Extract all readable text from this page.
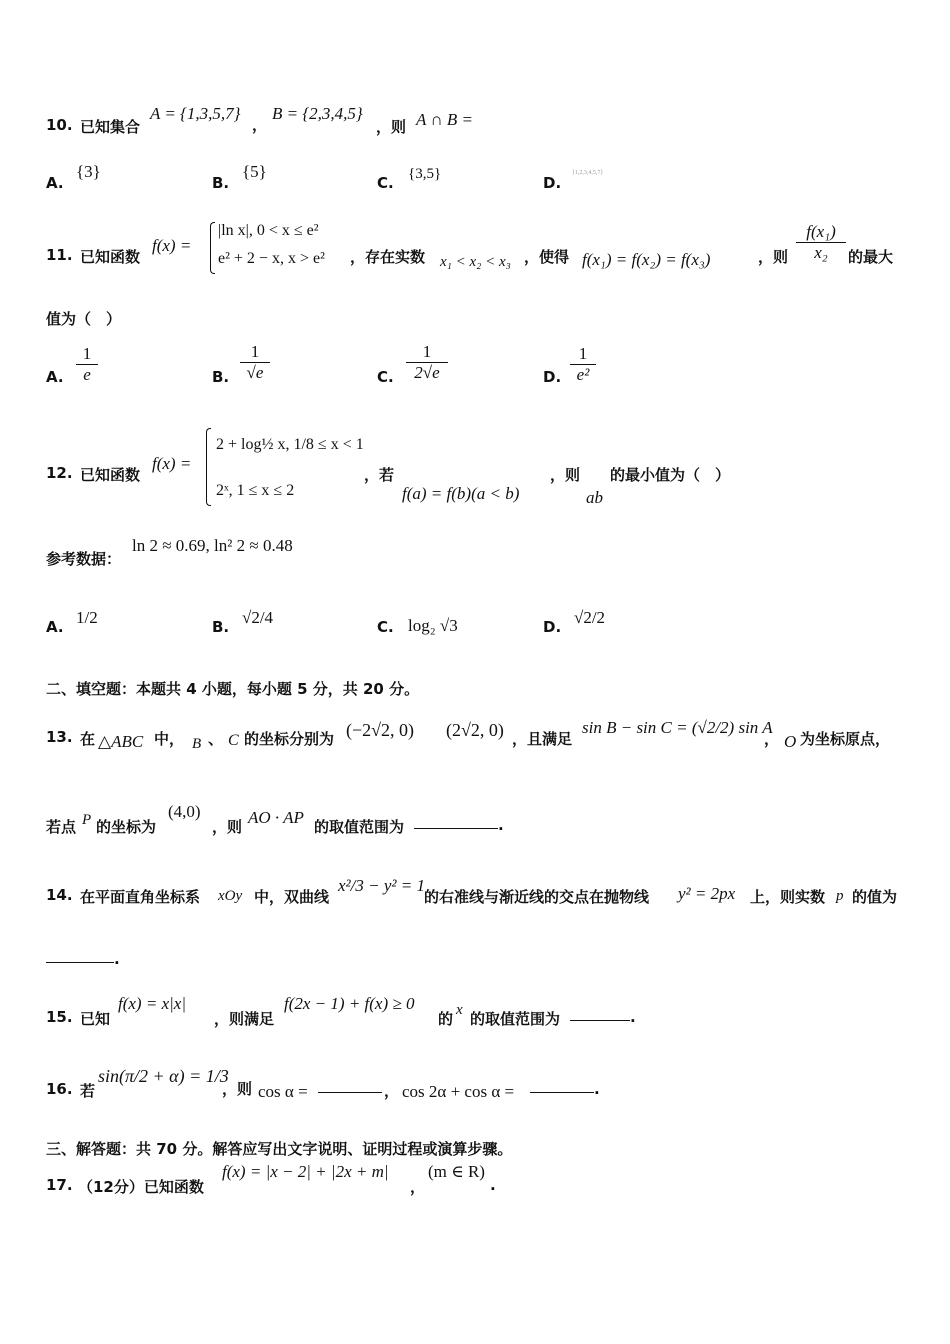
10. 已知集合
A = {1,3,5,7}
，
B = {2,3,4,5}
，则 A ∩ B =
A.
{3}
B.
{5}
C. {3,5}	D.
{1,2,3,4,5,7}
11. 已知函数
f(x) =
|ln x|, 0 < x ≤ e²
e² + 2 − x, x > e² ，存在实数 x₁ < x₂ < x₃ ，使得 f(x₁) = f(x₂) = f(x₃)	，则 $\frac{\text{f(x₁)}}{\text{x₂}}$ 的最大
值为（　）
A. $\frac{1}{e}$	B. $\frac{1}{√e}$	C. $\frac{1}{2√e}$	D. $\frac{1}{\text{e²}}$
12. 已知函数
f(x) =
2 + log½ x, 1/8 ≤ x < 1
2ˣ, 1 ≤ x ≤ 2
，若
f(a) = f(b)(a < b)
，则
ab
的最小值为（　）
参考数据：
ln 2 ≈ 0.69, ln² 2 ≈ 0.48
A. 1/2	B. √2/4	C. log₂ √3	D. √2/2
二、填空题：本题共 4 小题，每小题 5 分，共 20 分。
13. 在 △ABC 中， B 、 C 的坐标分别为 (−2√2, 0) (2√2, 0) ，且满足
sin B − sin C = (√2/2) sin A
， O 为坐标原点，
若点 P 的坐标为
(4,0)
，则 AO · AP 的取值范围为	.
14. 在平面直角坐标系 xOy 中，双曲线
x²/3 − y² = 1
的右准线与渐近线的交点在抛物线 y² = 2px 上，则实数 p 的值为
.
15. 已知
f(x) = x|x|
，则满足
f(2x − 1) + f(x) ≥ 0
的 x 的取值范围为	.
16. 若
sin(π/2 + α) = 1/3
，则 cos α =	， cos 2α + cos α =	.
三、解答题：共 70 分。解答应写出文字说明、证明过程或演算步骤。
17. （12分）已知函数
f(x) = |x − 2| + |2x + m|
，
(m ∈ R)
.
